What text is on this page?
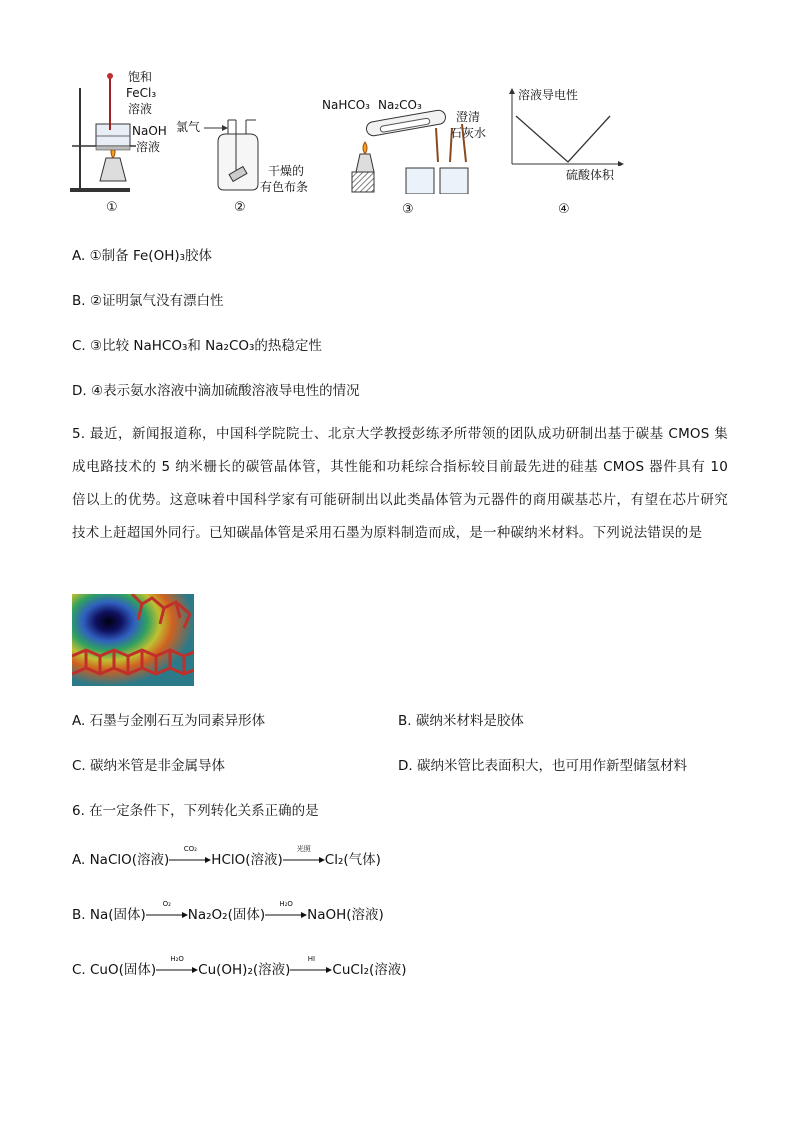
饱和
FeCl₃
溶液
NaOH
溶液
①
氯气
干燥的
有色布条
②
NaHCO₃ Na₂CO₃
澄清
石灰水
③
溶液导电性
硫酸体积
④
A. ①制备 Fe(OH)₃胶体
B. ②证明氯气没有漂白性
C. ③比较 NaHCO₃和 Na₂CO₃的热稳定性
D. ④表示氨水溶液中滴加硫酸溶液导电性的情况
5. 最近，新闻报道称，中国科学院院士、北京大学教授彭练矛所带领的团队成功研制出基于碳基 CMOS 集成电路技术的 5 纳米栅长的碳管晶体管，其性能和功耗综合指标较目前最先进的硅基 CMOS 器件具有 10 倍以上的优势。这意味着中国科学家有可能研制出以此类晶体管为元器件的商用碳基芯片，有望在芯片研究技术上赶超国外同行。已知碳晶体管是采用石墨为原料制造而成，是一种碳纳米材料。下列说法错误的是
A. 石墨与金刚石互为同素异形体	B. 碳纳米材料是胶体
C. 碳纳米管是非金属导体	D. 碳纳米管比表面积大，也可用作新型储氢材料
6. 在一定条件下，下列转化关系正确的是
A. NaClO(溶液)
CO₂
HClO(溶液)
光照
Cl₂(气体)
B. Na(固体)
O₂
Na₂O₂(固体)
H₂O
NaOH(溶液)
C. CuO(固体)
H₂O
Cu(OH)₂(溶液)
HI
CuCl₂(溶液)
